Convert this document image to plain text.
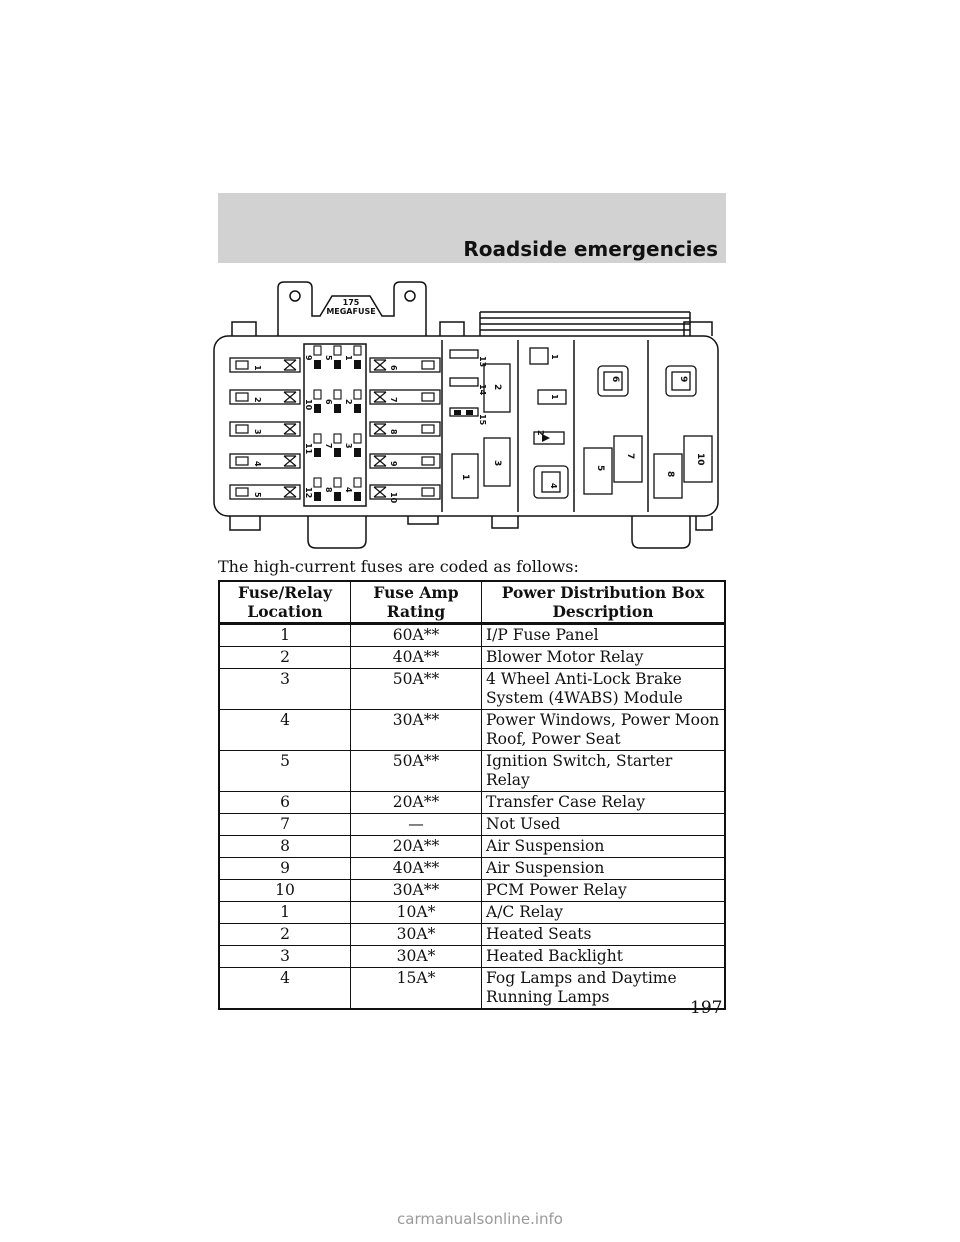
Roadside emergencies
175
MEGAFUSE
1
2
3
4
5
6
7
8
9
10
9
10
11
12
5
6
7
8
1
2
3
4
13
14
15
1
2
3
1
1
2
4
6
5
7
9
8
10
The high-current fuses are coded as follows:
Fuse/Relay Location	Fuse Amp Rating	Power Distribution Box Description
1	60A**	I/P Fuse Panel
2	40A**	Blower Motor Relay
3	50A**	4 Wheel Anti-Lock Brake System (4WABS) Module
4	30A**	Power Windows, Power Moon Roof, Power Seat
5	50A**	Ignition Switch, Starter Relay
6	20A**	Transfer Case Relay
7	—	Not Used
8	20A**	Air Suspension
9	40A**	Air Suspension
10	30A**	PCM Power Relay
1	10A*	A/C Relay
2	30A*	Heated Seats
3	30A*	Heated Backlight
4	15A*	Fog Lamps and Daytime Running Lamps
197
carmanualsonline.info
